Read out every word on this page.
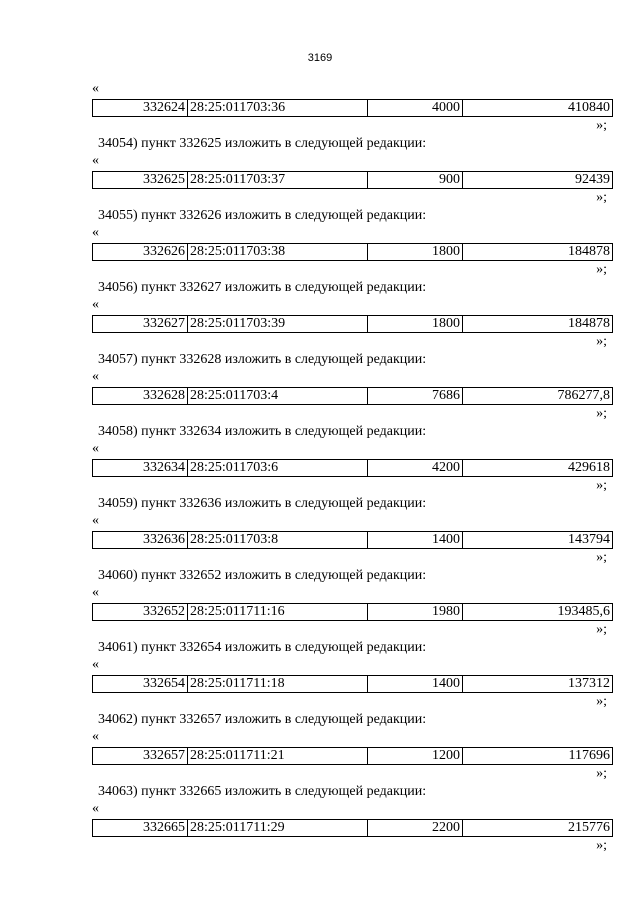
3169
«
332624	28:25:011703:36	4000	410840
»;
34054) пункт 332625 изложить в следующей редакции:
«
332625	28:25:011703:37	900	92439
»;
34055) пункт 332626 изложить в следующей редакции:
«
332626	28:25:011703:38	1800	184878
»;
34056) пункт 332627 изложить в следующей редакции:
«
332627	28:25:011703:39	1800	184878
»;
34057) пункт 332628 изложить в следующей редакции:
«
332628	28:25:011703:4	7686	786277,8
»;
34058) пункт 332634 изложить в следующей редакции:
«
332634	28:25:011703:6	4200	429618
»;
34059) пункт 332636 изложить в следующей редакции:
«
332636	28:25:011703:8	1400	143794
»;
34060) пункт 332652 изложить в следующей редакции:
«
332652	28:25:011711:16	1980	193485,6
»;
34061) пункт 332654 изложить в следующей редакции:
«
332654	28:25:011711:18	1400	137312
»;
34062) пункт 332657 изложить в следующей редакции:
«
332657	28:25:011711:21	1200	117696
»;
34063) пункт 332665 изложить в следующей редакции:
«
332665	28:25:011711:29	2200	215776
»;
